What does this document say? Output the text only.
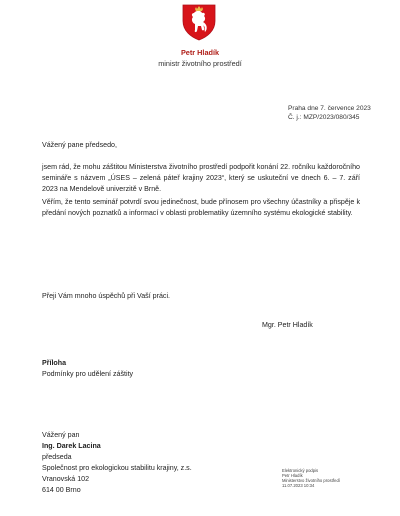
Petr Hladík
ministr životního prostředí
Praha dne 7. července 2023
Č. j.: MZP/2023/080/345
Vážený pane předsedo,
jsem rád, že mohu záštitou Ministerstva životního prostředí podpořit konání 22. ročníku každoročního semináře s názvem „ÚSES – zelená páteř krajiny 2023“, který se uskuteční ve dnech 6. – 7. září 2023 na Mendelově univerzitě v Brně.
Věřím, že tento seminář potvrdí svou jedinečnost, bude přínosem pro všechny účastníky a přispěje k předání nových poznatků a informací v oblasti problematiky územního systému ekologické stability.
Přeji Vám mnoho úspěchů při Vaší práci.
Mgr. Petr Hladík
Příloha
Podmínky pro udělení záštity
Vážený pan
Ing. Darek Lacina
předseda
Společnost pro ekologickou stabilitu krajiny, z.s.
Vranovská 102
614 00 Brno
Elektronický podpis
Petr Hladík
Ministerstvo životního prostředí
11.07.2023 10:34
